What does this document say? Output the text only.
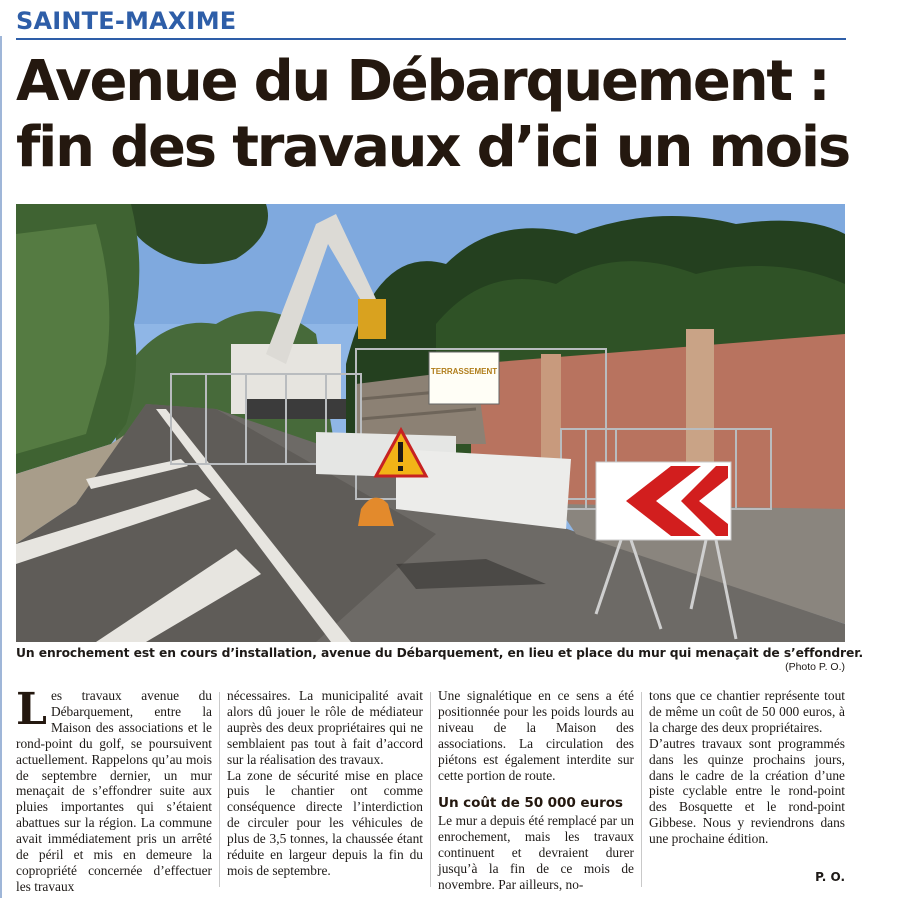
SAINTE-MAXIME
Avenue du Débarquement :
fin des travaux d’ici un mois
TERRASSEMENT
Un enrochement est en cours d’installation, avenue du Débarquement, en lieu et place du mur qui menaçait de s’effondrer.
(Photo P. O.)

Les travaux avenue du Débarquement, entre la Maison des associations et le rond-point du golf, se poursuivent actuellement. Rappelons qu’au mois de septembre dernier, un mur menaçait de s’effondrer suite aux pluies importantes qui s’étaient abattues sur la région. La commune avait immédiatement pris un arrêté de péril et mis en demeure la copropriété concernée d’effectuer les travaux

nécessaires. La municipalité avait alors dû jouer le rôle de médiateur auprès des deux propriétaires qui ne semblaient pas tout à fait d’accord sur la réalisation des travaux.

La zone de sécurité mise en place puis le chantier ont comme conséquence directe l’interdiction de circuler pour les véhicules de plus de 3,5 tonnes, la chaussée étant réduite en largeur depuis la fin du mois de septembre.

Une signalétique en ce sens a été positionnée pour les poids lourds au niveau de la Maison des associations. La circulation des piétons est également interdite sur cette portion de route.

Un coût de 50 000 euros

Le mur a depuis été remplacé par un enrochement, mais les travaux continuent et devraient durer jusqu’à la fin de ce mois de novembre. Par ailleurs, no-

tons que ce chantier représente tout de même un coût de 50 000 euros, à la charge des deux propriétaires.

D’autres travaux sont programmés dans les quinze prochains jours, dans le cadre de la création d’une piste cyclable entre le rond-point des Bosquette et le rond-point Gibbese. Nous y reviendrons dans une prochaine édition.

P. O.
